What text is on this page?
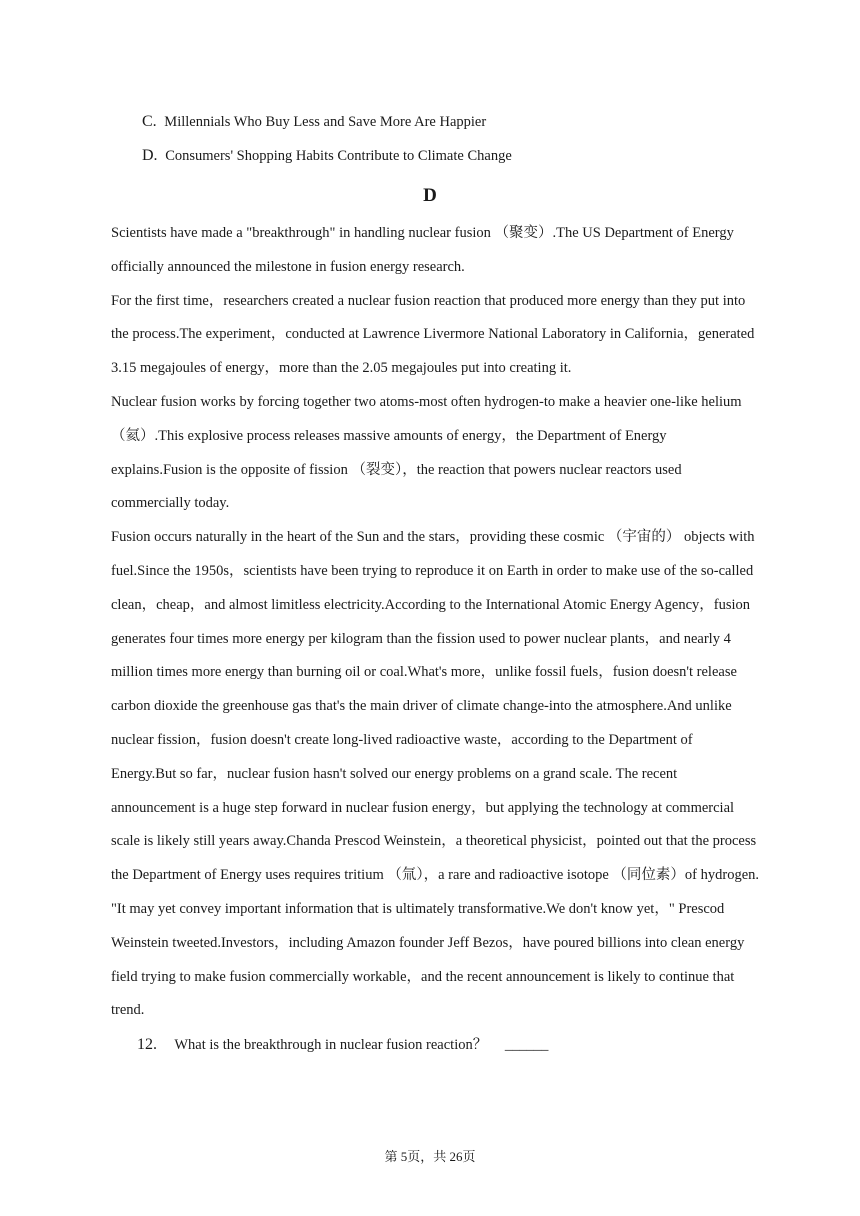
C. Millennials Who Buy Less and Save More Are Happier
D. Consumers' Shopping Habits Contribute to Climate Change
D

Scientists have made a "breakthrough" in handling nuclear fusion （聚变）.The US Department of Energy officially announced the milestone in fusion energy research.

For the first time，researchers created a nuclear fusion reaction that produced more energy than they put into the process.The experiment，conducted at Lawrence Livermore National Laboratory in California，generated 3.15 megajoules of energy，more than the 2.05 megajoules put into creating it.

Nuclear fusion works by forcing together two atoms-most often hydrogen-to make a heavier one-like helium （氦）.This explosive process releases massive amounts of energy，the Department of Energy explains.Fusion is the opposite of fission （裂变），the reaction that powers nuclear reactors used commercially today.

Fusion occurs naturally in the heart of the Sun and the stars，providing these cosmic （宇宙的） objects with fuel.Since the 1950s，scientists have been trying to reproduce it on Earth in order to make use of the so-called clean，cheap，and almost limitless electricity.According to the International Atomic Energy Agency，fusion generates four times more energy per kilogram than the fission used to power nuclear plants，and nearly 4 million times more energy than burning oil or coal.What's more，unlike fossil fuels，fusion doesn't release carbon dioxide the greenhouse gas that's the main driver of climate change-into the atmosphere.And unlike nuclear fission，fusion doesn't create long-lived radioactive waste，according to the Department of Energy.But so far，nuclear fusion hasn't solved our energy problems on a grand scale. The recent announcement is a huge step forward in nuclear fusion energy，but applying the technology at commercial scale is likely still years away.Chanda Prescod Weinstein，a theoretical physicist，pointed out that the process the Department of Energy uses requires tritium （氚），a rare and radioactive isotope （同位素）of hydrogen. "It may yet convey important information that is ultimately transformative.We don't know yet，" Prescod Weinstein tweeted.Investors，including Amazon founder Jeff Bezos，have poured billions into clean energy field trying to make fusion commercially workable，and the recent announcement is likely to continue that trend.

12. What is the breakthrough in nuclear fusion reaction？ ______
第 5页，共 26页
